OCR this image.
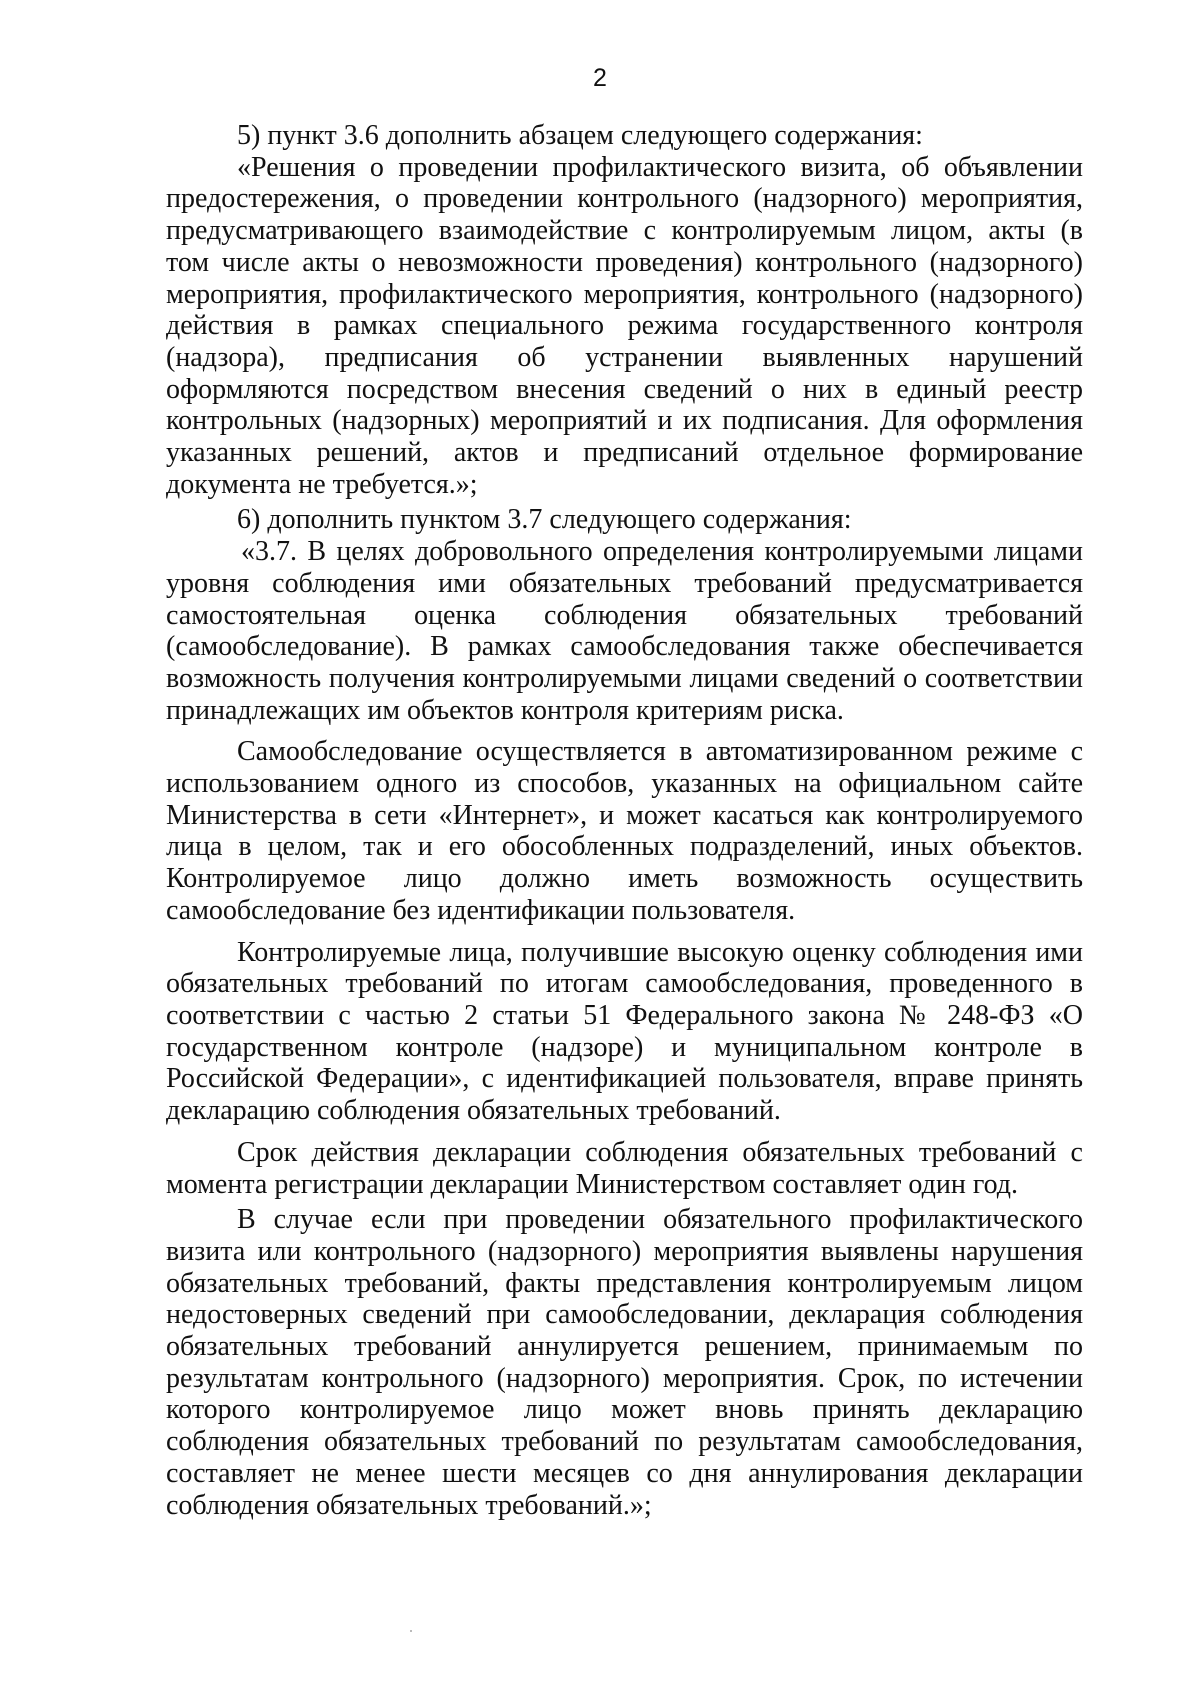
2

5) пункт 3.6 дополнить абзацем следующего содержания:

«Решения о проведении профилактического визита, об объявлении предостережения, о проведении контрольного (надзорного) мероприятия, предусматривающего взаимодействие с контролируемым лицом, акты (в том числе акты о невозможности проведения) контрольного (надзорного) мероприятия, профилактического мероприятия, контрольного (надзорного) действия в рамках специального режима государственного контроля (надзора), предписания об устранении выявленных нарушений оформляются посредством внесения сведений о них в единый реестр контрольных (надзорных) мероприятий и их подписания. Для оформления указанных решений, актов и предписаний отдельное формирование документа не требуется.»;

6) дополнить пунктом 3.7 следующего содержания:

«3.7. В целях добровольного определения контролируемыми лицами уровня соблюдения ими обязательных требований предусматривается самостоятельная оценка соблюдения обязательных требований (самообследование). В рамках самообследования также обеспечивается возможность получения контролируемыми лицами сведений о соответствии принадлежащих им объектов контроля критериям риска.

Самообследование осуществляется в автоматизированном режиме с использованием одного из способов, указанных на официальном сайте Министерства в сети «Интернет», и может касаться как контролируемого лица в целом, так и его обособленных подразделений, иных объектов. Контролируемое лицо должно иметь возможность осуществить самообследование без идентификации пользователя.

Контролируемые лица, получившие высокую оценку соблюдения ими обязательных требований по итогам самообследования, проведенного в соответствии с частью 2 статьи 51 Федерального закона № 248-ФЗ «О государственном контроле (надзоре) и муниципальном контроле в Российской Федерации», с идентификацией пользователя, вправе принять декларацию соблюдения обязательных требований.

Срок действия декларации соблюдения обязательных требований с момента регистрации декларации Министерством составляет один год.

В случае если при проведении обязательного профилактического визита или контрольного (надзорного) мероприятия выявлены нарушения обязательных требований, факты представления контролируемым лицом недостоверных сведений при самообследовании, декларация соблюдения обязательных требований аннулируется решением, принимаемым по результатам контрольного (надзорного) мероприятия. Срок, по истечении которого контролируемое лицо может вновь принять декларацию соблюдения обязательных требований по результатам самообследования, составляет не менее шести месяцев со дня аннулирования декларации соблюдения обязательных требований.»;
